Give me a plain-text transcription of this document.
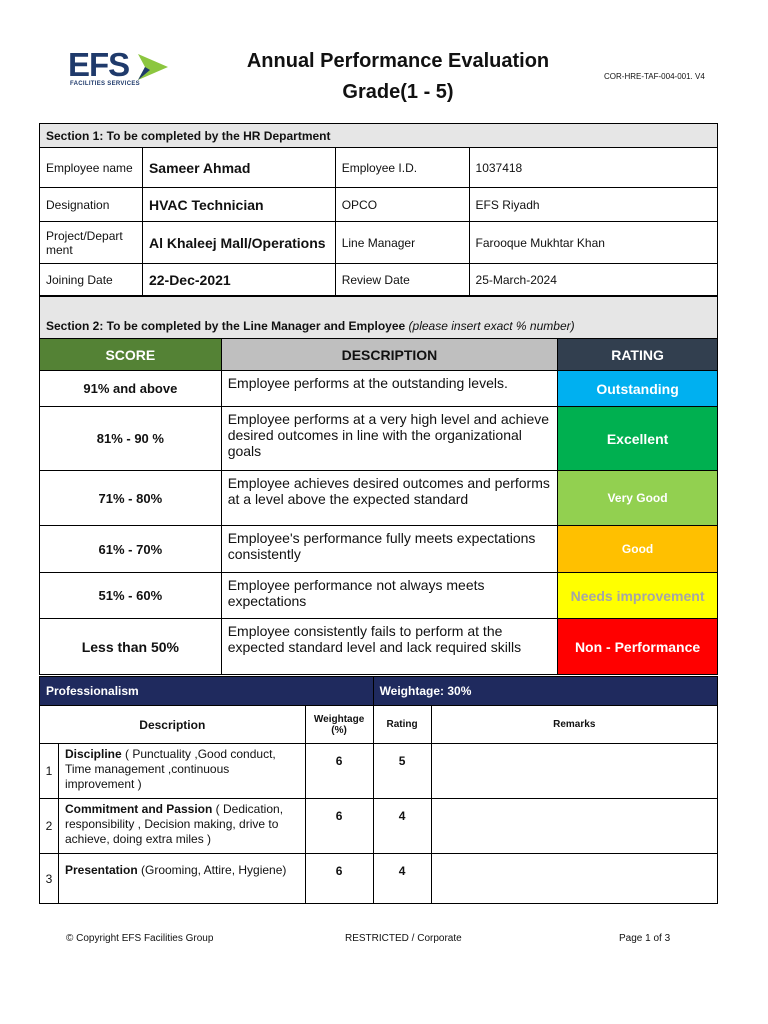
EFS
FACILITIES SERVICES
Annual Performance Evaluation
Grade(1 - 5)
COR-HRE-TAF-004-001. V4
Section 1: To be completed by the HR Department			
Employee name	Sameer Ahmad	Employee I.D.	1037418
Designation	HVAC Technician	OPCO	EFS Riyadh
Project/Depart ment	Al Khaleej Mall/Operations	Line Manager	Farooque Mukhtar Khan
Joining Date	22-Dec-2021	Review Date	25-March-2024
Section 2: To be completed by the Line Manager and Employee (please insert exact % number)		
SCORE	DESCRIPTION	RATING
91% and above	Employee performs at the outstanding levels.	Outstanding
81% - 90 %	Employee performs at a very high level and achieve desired outcomes in line with the organizational goals	Excellent
71% - 80%	Employee achieves desired outcomes and performs at a level above the expected standard	Very Good
61% - 70%	Employee's performance fully meets expectations consistently	Good
51% - 60%	Employee performance not always meets expectations	Needs improvement
Less than 50%	Employee consistently fails to perform at the expected standard level and lack required skills	Non - Performance
Professionalism			Weightage: 30%	
Description		Weightage (%)	Rating	Remarks
1	Discipline ( Punctuality ,Good conduct, Time management ,continuous improvement )	6	5	
2	Commitment and Passion ( Dedication, responsibility , Decision making, drive to achieve, doing extra miles )	6	4	
3	Presentation (Grooming, Attire, Hygiene)	6	4	
© Copyright EFS Facilities Group	RESTRICTED / Corporate	Page 1 of 3
